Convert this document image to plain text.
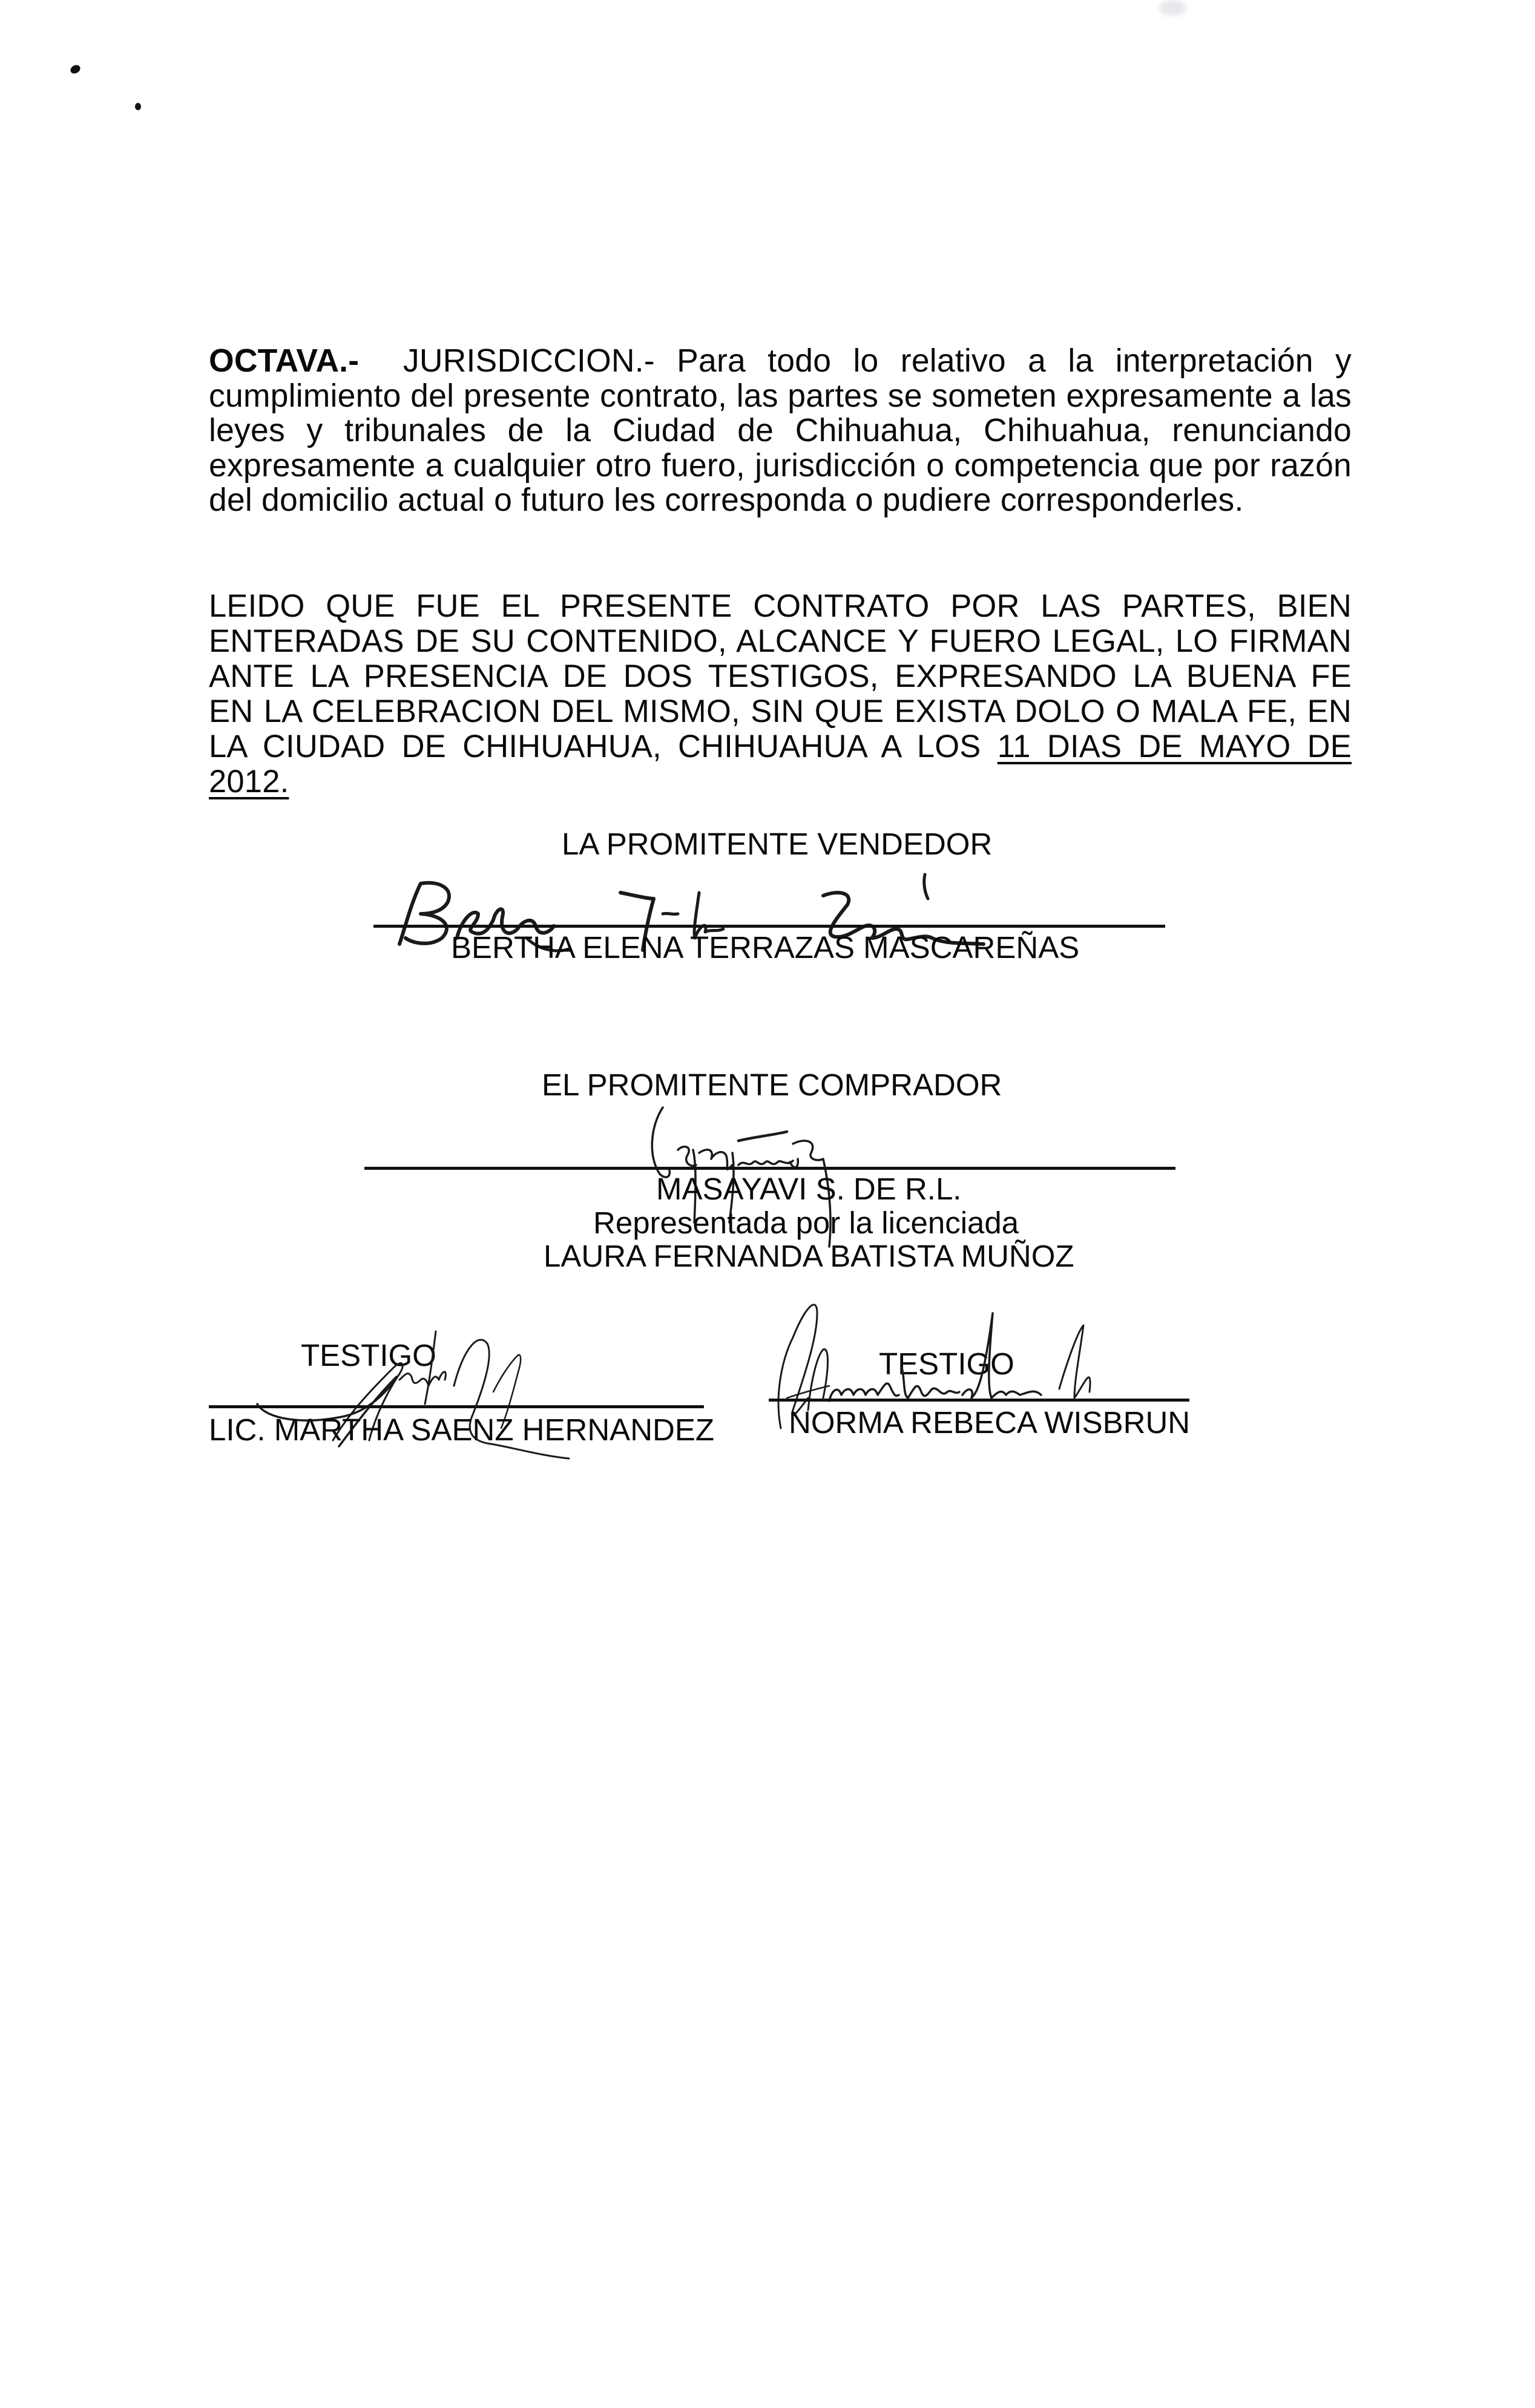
OCTAVA.- JURISDICCION.- Para todo lo relativo a la interpretación y cumplimiento del presente contrato, las partes se someten expresamente a las leyes y tribunales de la Ciudad de Chihuahua, Chihuahua, renunciando expresamente a cualquier otro fuero, jurisdicción o competencia que por razón del domicilio actual o futuro les corresponda o pudiere corresponderles.
LEIDO QUE FUE EL PRESENTE CONTRATO POR LAS PARTES, BIEN ENTERADAS DE SU CONTENIDO, ALCANCE Y FUERO LEGAL, LO FIRMAN ANTE LA PRESENCIA DE DOS TESTIGOS, EXPRESANDO LA BUENA FE EN LA CELEBRACION DEL MISMO, SIN QUE EXISTA DOLO O MALA FE, EN LA CIUDAD DE CHIHUAHUA, CHIHUAHUA A LOS 11 DIAS DE MAYO DE 2012.
LA PROMITENTE VENDEDOR
BERTHA ELENA TERRAZAS MASCAREÑAS
EL PROMITENTE COMPRADOR
MASAYAVI S. DE R.L.
Representada por la licenciada
LAURA FERNANDA BATISTA MUÑOZ
TESTIGO
LIC. MARTHA SAENZ HERNANDEZ
TESTIGO
NORMA REBECA WISBRUN
